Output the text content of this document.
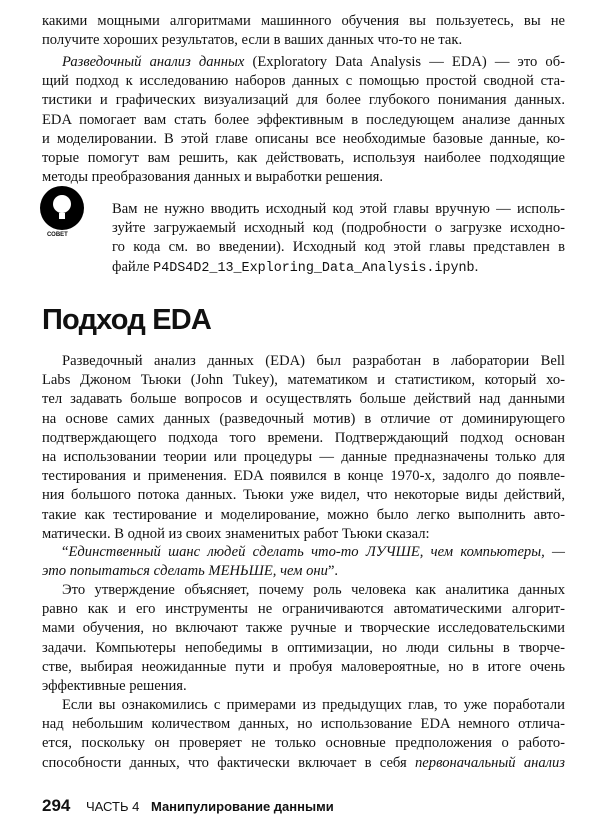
СОВЕТ
Подход EDA
какими мощными алгоритмами машинного обучения вы пользуетесь, вы не
получите хороших результатов, если в ваших данных что-то не так.
Разведочный анализ данных (Exploratory Data Analysis — EDA) — это об-
щий подход к исследованию наборов данных с помощью простой сводной ста-
тистики и графических визуализаций для более глубокого понимания данных.
EDA помогает вам стать более эффективным в последующем анализе данных
и моделировании. В этой главе описаны все необходимые базовые данные, ко-
торые помогут вам решить, как действовать, используя наиболее подходящие
методы преобразования данных и выработки решения.
Вам не нужно вводить исходный код этой главы вручную — исполь-
зуйте загружаемый исходный код (подробности о загрузке исходно-
го кода см. во введении). Исходный код этой главы представлен в
файле P4DS4D2_13_Exploring_Data_Analysis.ipynb.
Разведочный анализ данных (EDA) был разработан в лаборатории Bell
Labs Джоном Тьюки (John Tukey), математиком и статистиком, который хо-
тел задавать больше вопросов и осуществлять больше действий над данными
на основе самих данных (разведочный мотив) в отличие от доминирующего
подтверждающего подхода того времени. Подтверждающий подход основан
на использовании теории или процедуры — данные предназначены только для
тестирования и применения. EDA появился в конце 1970-х, задолго до появле-
ния большого потока данных. Тьюки уже видел, что некоторые виды действий,
такие как тестирование и моделирование, можно было легко выполнить авто-
матически. В одной из своих знаменитых работ Тьюки сказал:
“Единственный шанс людей сделать что-то ЛУЧШЕ, чем компьютеры, —
это попытаться сделать МЕНЬШЕ, чем они”.
Это утверждение объясняет, почему роль человека как аналитика данных
равно как и его инструменты не ограничиваются автоматическими алгорит-
мами обучения, но включают также ручные и творческие исследовательскими
задачи. Компьютеры непобедимы в оптимизации, но люди сильны в творче-
стве, выбирая неожиданные пути и пробуя маловероятные, но в итоге очень
эффективные решения.
Если вы ознакомились с примерами из предыдущих глав, то уже поработали
над небольшим количеством данных, но использование EDA немного отлича-
ется, поскольку он проверяет не только основные предположения о работо-
способности данных, что фактически включает в себя первоначальный анализ
294 ЧАСТЬ 4 Манипулирование данными
